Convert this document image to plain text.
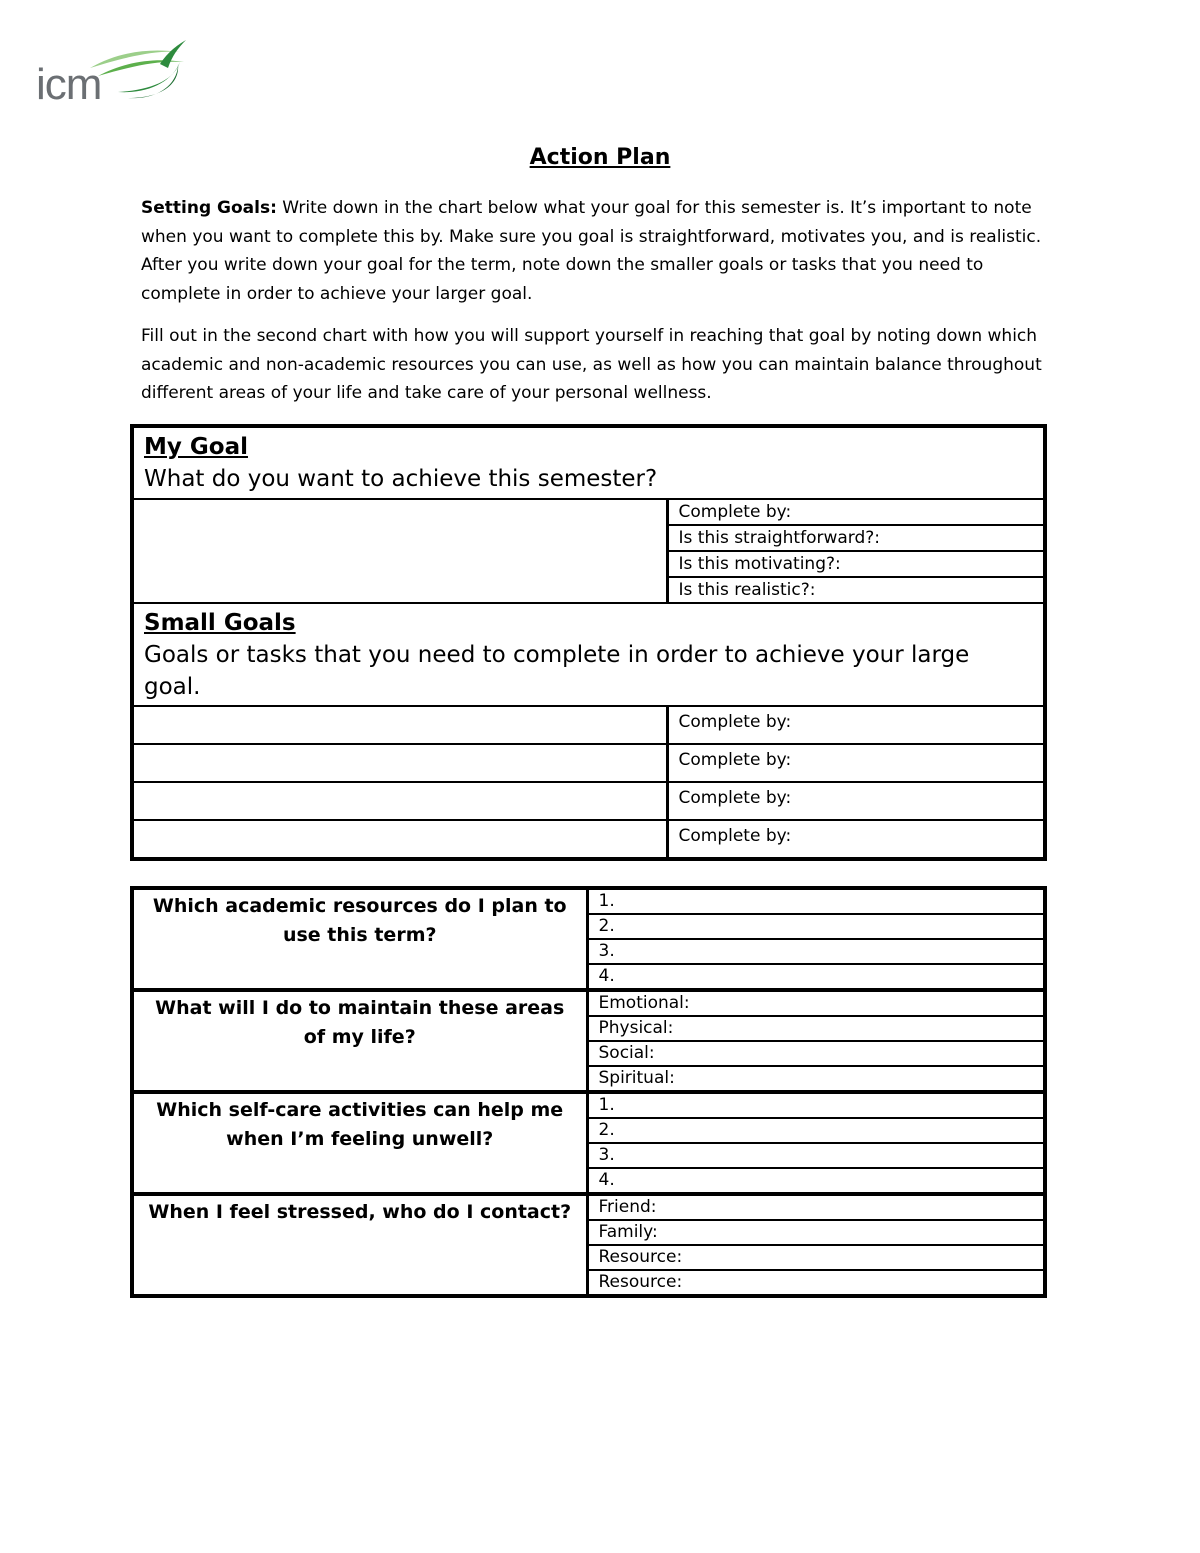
icm
Action Plan
Setting Goals: Write down in the chart below what your goal for this semester is. It’s important to note when you want to complete this by. Make sure you goal is straightforward, motivates you, and is realistic. After you write down your goal for the term, note down the smaller goals or tasks that you need to complete in order to achieve your larger goal.
Fill out in the second chart with how you will support yourself in reaching that goal by noting down which academic and non-academic resources you can use, as well as how you can maintain balance throughout different areas of your life and take care of your personal wellness.
My Goal
What do you want to achieve this semester?	

	Complete by:
	Is this straightforward?:
	Is this motivating?:
	Is this realistic?:

Small Goals
Goals or tasks that you need to complete in order to achieve your large goal.	

	Complete by:
	Complete by:
	Complete by:
	Complete by:
Which academic resources do I plan to use this term?	1.
	2.
	3.
	4.
What will I do to maintain these areas of my life?	Emotional:
	Physical:
	Social:
	Spiritual:
Which self-care activities can help me when I’m feeling unwell?	1.
	2.
	3.
	4.
When I feel stressed, who do I contact?	Friend:
	Family:
	Resource:
	Resource:
